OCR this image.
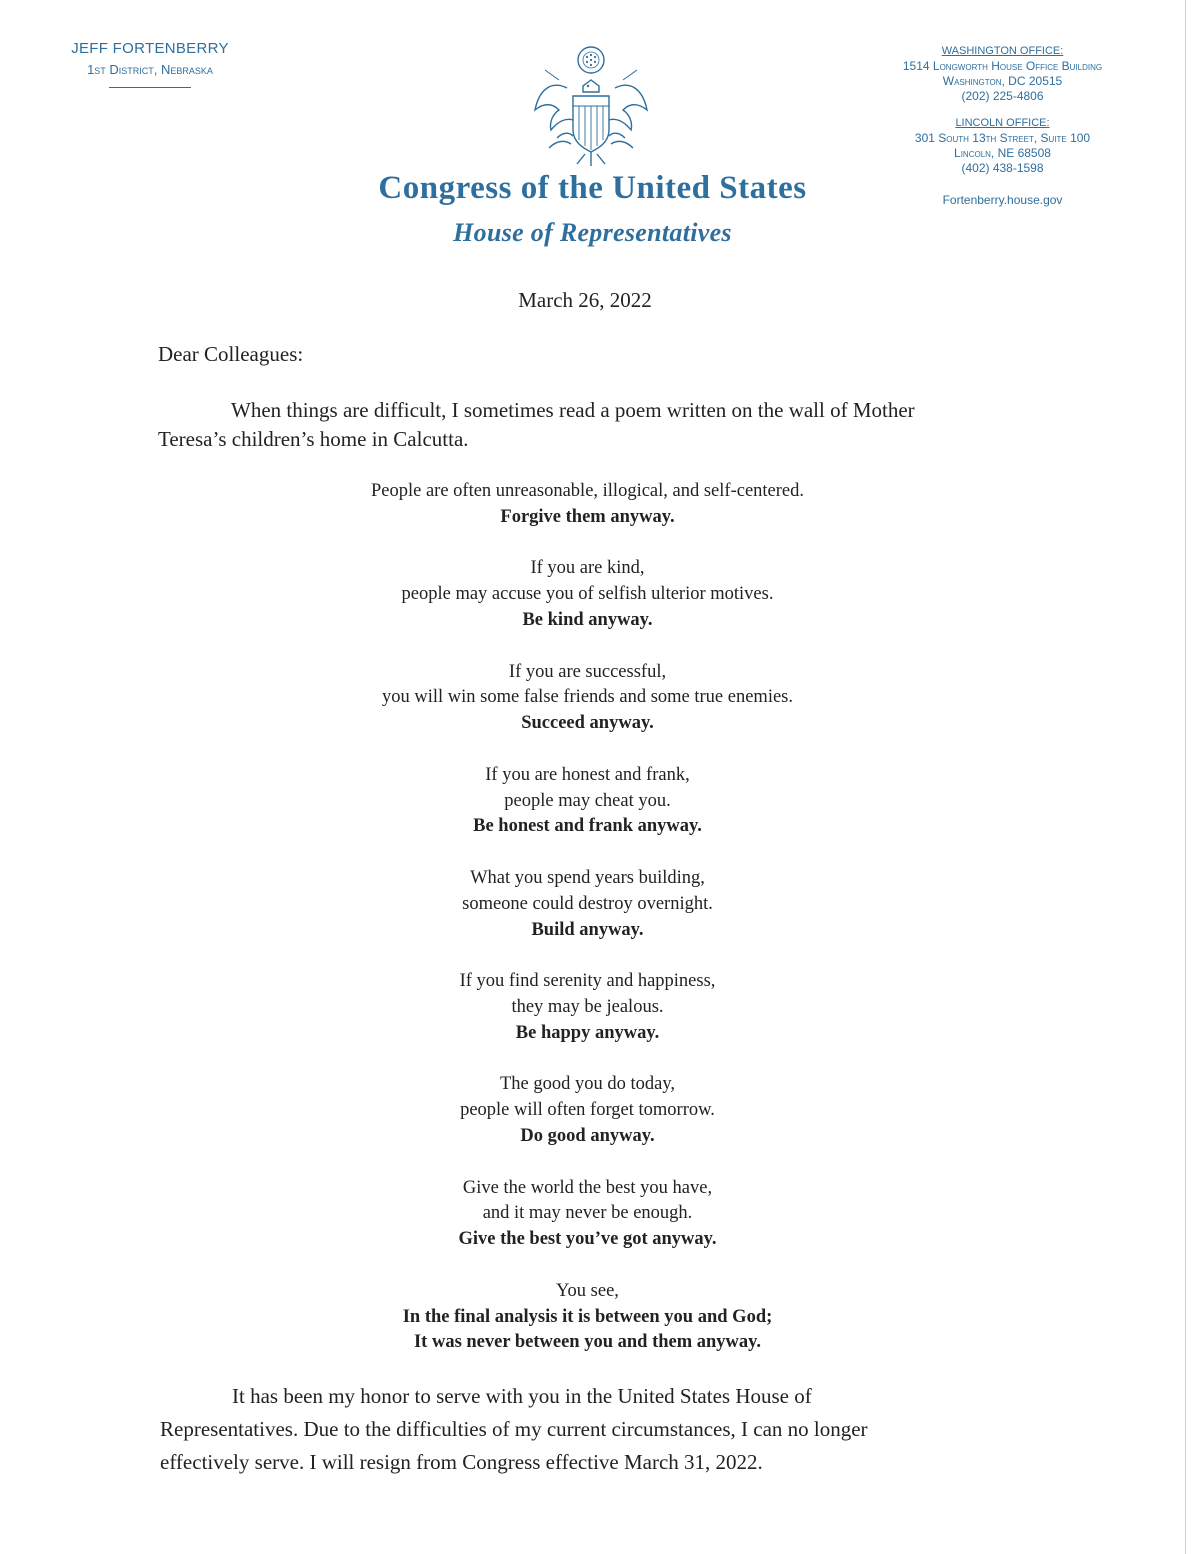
JEFF FORTENBERRY
1st District, Nebraska
Congress of the United States
House of Representatives
WASHINGTON OFFICE:
1514 Longworth House Office Building
Washington, DC 20515
(202) 225-4806
LINCOLN OFFICE:
301 South 13th Street, Suite 100
Lincoln, NE 68508
(402) 438-1598
Fortenberry.house.gov
March 26, 2022
Dear Colleagues:
When things are difficult, I sometimes read a poem written on the wall of Mother
Teresa’s children’s home in Calcutta.
People are often unreasonable, illogical, and self-centered.
Forgive them anyway.
If you are kind,
people may accuse you of selfish ulterior motives.
Be kind anyway.
If you are successful,
you will win some false friends and some true enemies.
Succeed anyway.
If you are honest and frank,
people may cheat you.
Be honest and frank anyway.
What you spend years building,
someone could destroy overnight.
Build anyway.
If you find serenity and happiness,
they may be jealous.
Be happy anyway.
The good you do today,
people will often forget tomorrow.
Do good anyway.
Give the world the best you have,
and it may never be enough.
Give the best you’ve got anyway.
You see,
In the final analysis it is between you and God;
It was never between you and them anyway.
It has been my honor to serve with you in the United States House of
Representatives. Due to the difficulties of my current circumstances, I can no longer
effectively serve. I will resign from Congress effective March 31, 2022.
